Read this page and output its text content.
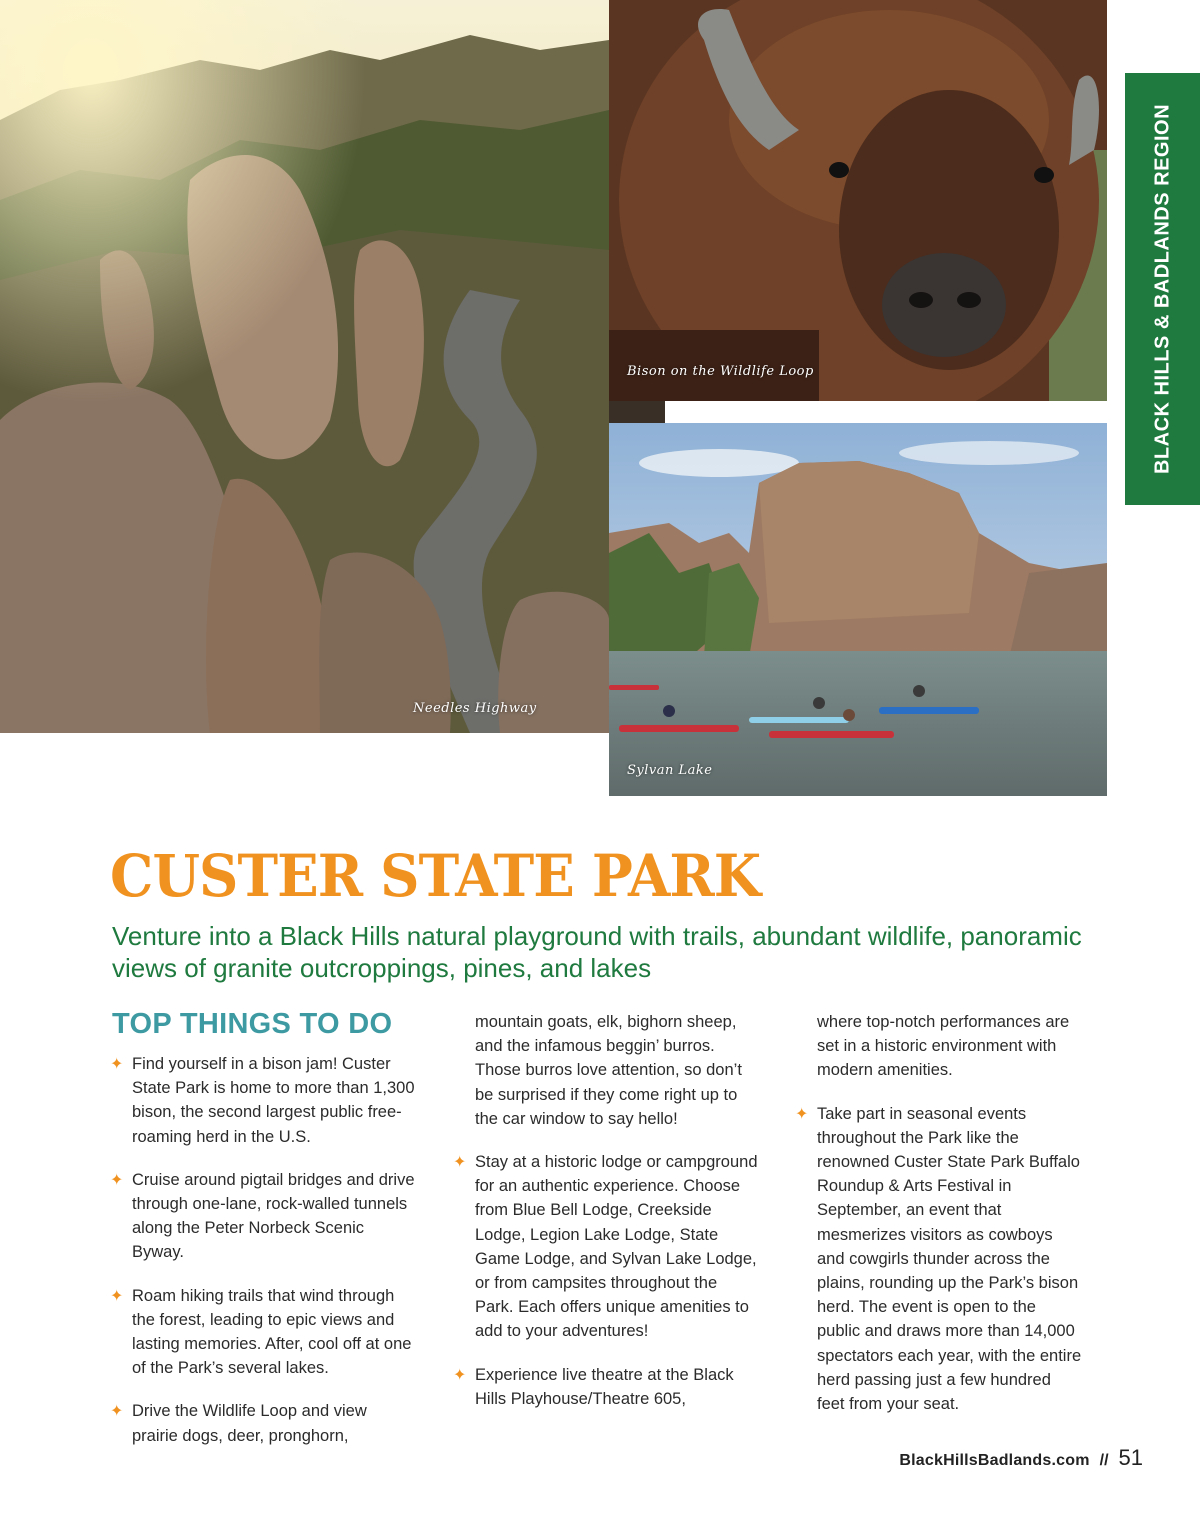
Needles Highway
Bison on the Wildlife Loop
Sylvan Lake
BLACK HILLS & BADLANDS REGION
CUSTER STATE PARK

Venture into a Black Hills natural playground with trails, abundant wildlife, panoramic views of granite outcroppings, pines, and lakes

TOP THINGS TO DO
✦ Find yourself in a bison jam! Custer State Park is home to more than 1,300 bison, the second largest public free-roaming herd in the U.S.

✦ Cruise around pigtail bridges and drive through one-lane, rock-walled tunnels along the Peter Norbeck Scenic Byway.

✦ Roam hiking trails that wind through the forest, leading to epic views and lasting memories. After, cool off at one of the Park’s several lakes.

✦ Drive the Wildlife Loop and view prairie dogs, deer, pronghorn,

mountain goats, elk, bighorn sheep, and the infamous beggin’ burros. Those burros love attention, so don’t be surprised if they come right up to the car window to say hello!

✦ Stay at a historic lodge or campground for an authentic experience. Choose from Blue Bell Lodge, Creekside Lodge, Legion Lake Lodge, State Game Lodge, and Sylvan Lake Lodge, or from campsites throughout the Park. Each offers unique amenities to add to your adventures!

✦ Experience live theatre at the Black Hills Playhouse/Theatre 605,

where top-notch performances are set in a historic environment with modern amenities.

✦ Take part in seasonal events throughout the Park like the renowned Custer State Park Buffalo Roundup & Arts Festival in September, an event that mesmerizes visitors as cowboys and cowgirls thunder across the plains, rounding up the Park’s bison herd. The event is open to the public and draws more than 14,000 spectators each year, with the entire herd passing just a few hundred feet from your seat.

BlackHillsBadlands.com // 51
